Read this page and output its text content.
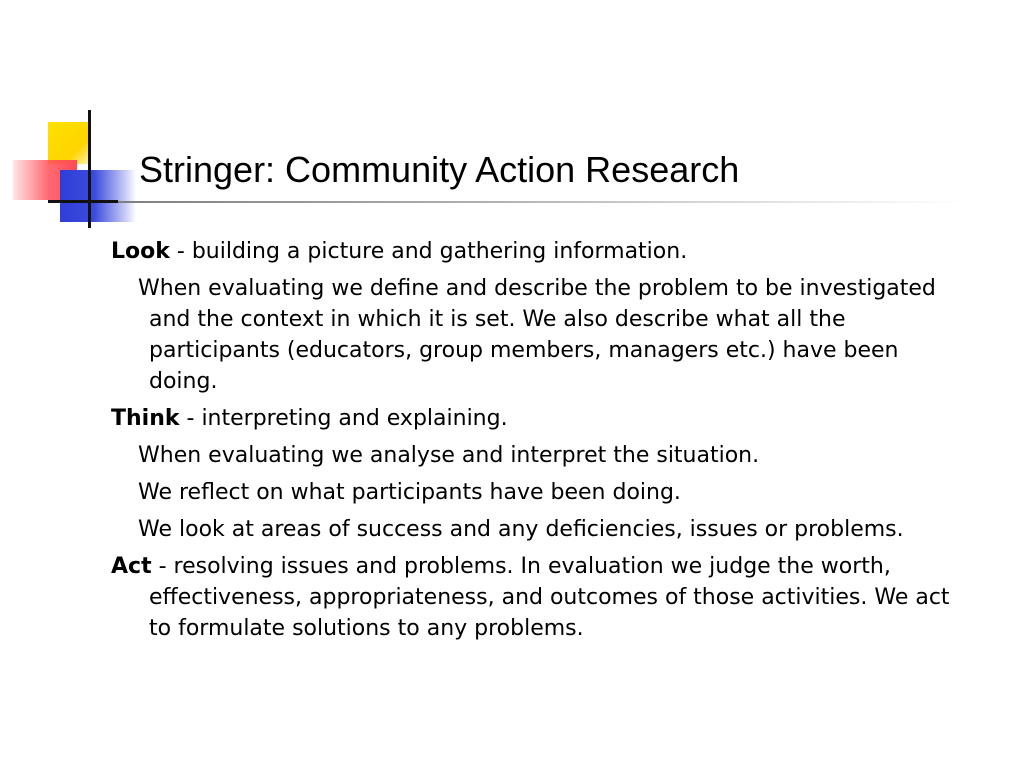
Stringer: Community Action Research

Look - building a picture and gathering information.

When evaluating we define and describe the problem to be investigated and the context in which it is set. We also describe what all the participants (educators, group members, managers etc.) have been doing.

Think - interpreting and explaining.

When evaluating we analyse and interpret the situation.

We reflect on what participants have been doing.

We look at areas of success and any deficiencies, issues or problems.

Act - resolving issues and problems. In evaluation we judge the worth, effectiveness, appropriateness, and outcomes of those activities. We act to formulate solutions to any problems.
